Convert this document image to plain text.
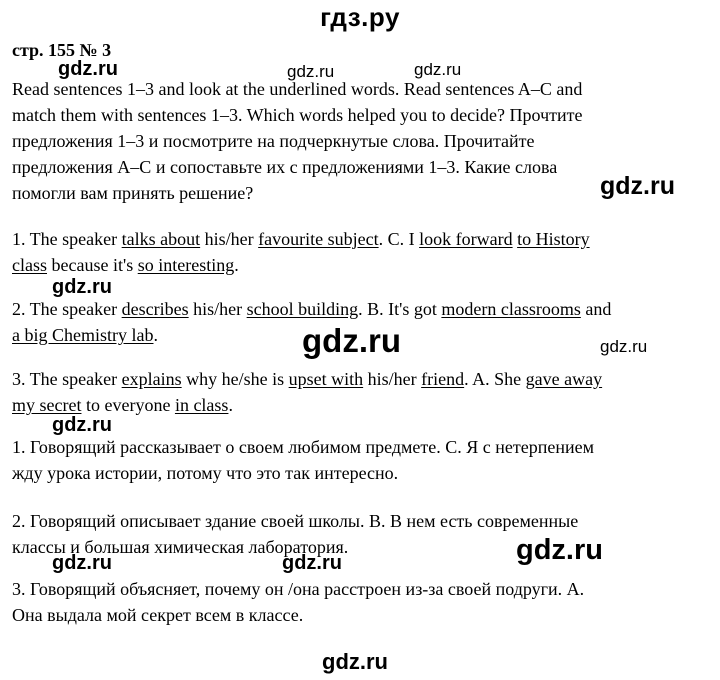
гдз.ру
стр. 155 № 3
gdz.ru	gdz.ru	gdz.ru
gdz.ru
gdz.ru
gdz.ru	gdz.ru
gdz.ru
gdz.ru
gdz.ru	gdz.ru
gdz.ru
Read sentences 1–3 and look at the underlined words. Read sentences A–C and
match them with sentences 1–3. Which words helped you to decide? Прочтите
предложения 1–3 и посмотрите на подчеркнутые слова. Прочитайте
предложения А–С и сопоставьте их с предложениями 1–3. Какие слова
помогли вам принять решение?
1. The speaker talks about his/her favourite subject. C. I look forward to History
class because it's so interesting.
2. The speaker describes his/her school building. B. It's got modern classrooms and
a big Chemistry lab.
3. The speaker explains why he/she is upset with his/her friend. A. She gave away
my secret to everyone in class.
1. Говорящий рассказывает о своем любимом предмете. С. Я с нетерпением
жду урока истории, потому что это так интересно.
2. Говорящий описывает здание своей школы. В. В нем есть современные
классы и большая химическая лаборатория.
3. Говорящий объясняет, почему он /она расстроен из-за своей подруги. А.
Она выдала мой секрет всем в классе.
